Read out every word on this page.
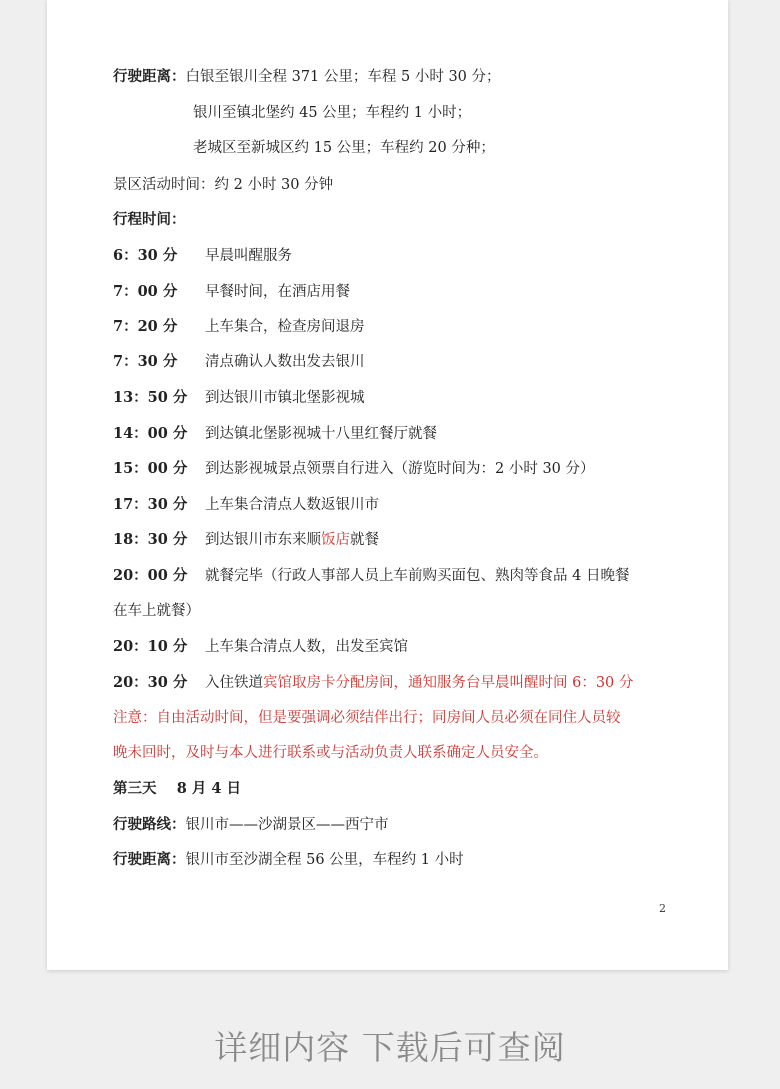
行驶距离：白银至银川全程 371 公里；车程 5 小时 30 分；
银川至镇北堡约 45 公里；车程约 1 小时；
老城区至新城区约 15 公里；车程约 20 分种；
景区活动时间：约 2 小时 30 分钟
行程时间：
6：30 分 早晨叫醒服务
7：00 分 早餐时间，在酒店用餐
7：20 分 上车集合，检查房间退房
7：30 分 清点确认人数出发去银川
13：50 分 到达银川市镇北堡影视城
14：00 分 到达镇北堡影视城十八里红餐厅就餐
15：00 分 到达影视城景点领票自行进入（游览时间为：2 小时 30 分）
17：30 分 上车集合清点人数返银川市
18：30 分 到达银川市东来顺饭店就餐
20：00 分 就餐完毕（行政人事部人员上车前购买面包、熟肉等食品 4 日晚餐
20：10 分 上车集合清点人数，出发至宾馆
20：30 分 入住铁道宾馆取房卡分配房间，通知服务台早晨叫醒时间 6：30 分
在车上就餐）
注意：自由活动时间，但是要强调必须结伴出行；同房间人员必须在同住人员较
晚未回时，及时与本人进行联系或与活动负责人联系确定人员安全。
第三天 8 月 4 日
行驶路线：银川市——沙湖景区——西宁市
行驶距离：银川市至沙湖全程 56 公里，车程约 1 小时
2
详细内容 下载后可查阅
